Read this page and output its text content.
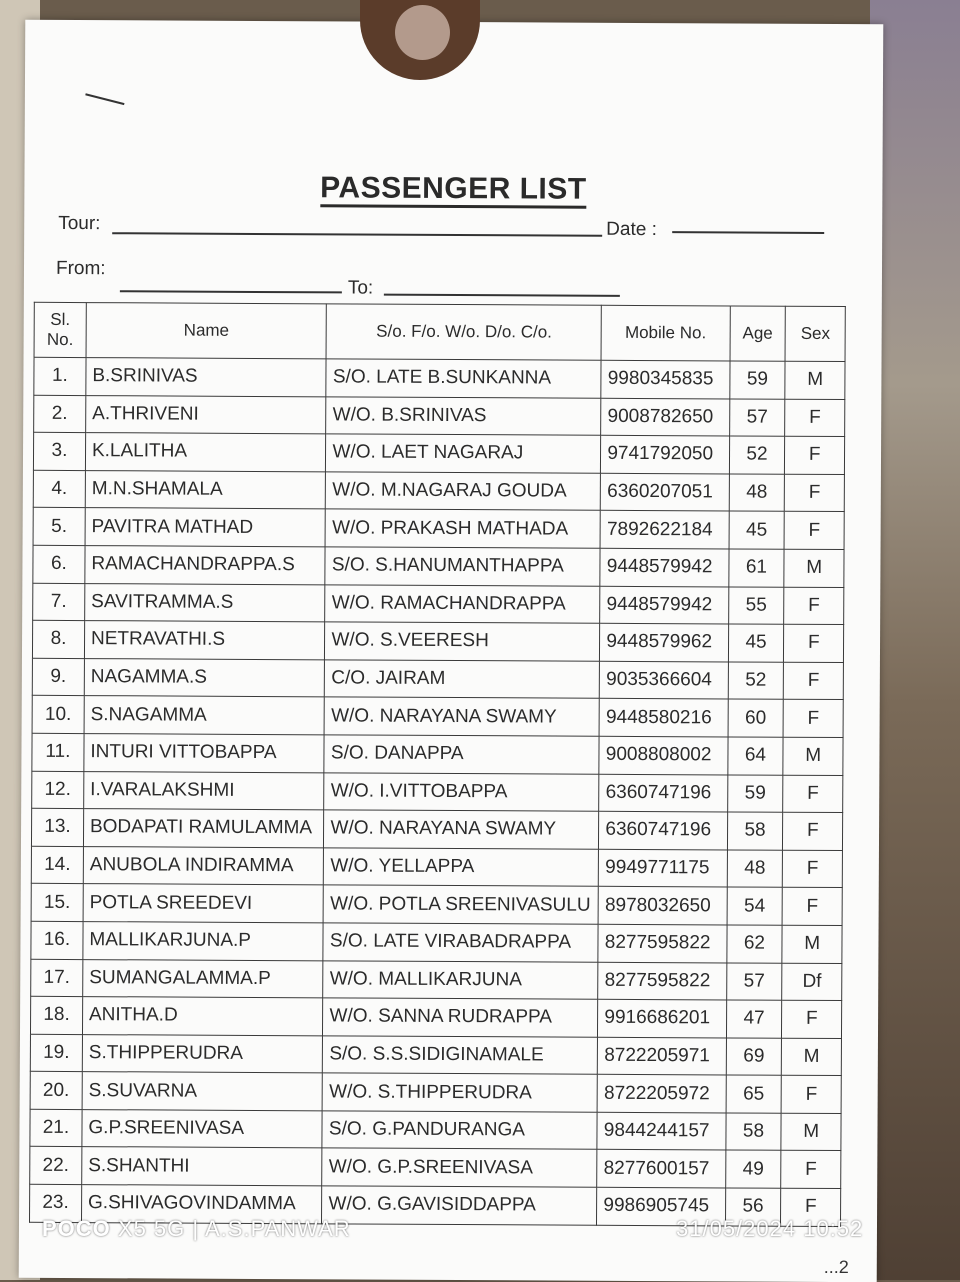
PASSENGER LIST
Tour:	Date :
From:
To:
Sl. No.	Name	S/o. F/o. W/o. D/o. C/o.	Mobile No.	Age	Sex
1.	B.SRINIVAS	S/O. LATE B.SUNKANNA	9980345835	59	M
2.	A.THRIVENI	W/O. B.SRINIVAS	9008782650	57	F
3.	K.LALITHA	W/O. LAET NAGARAJ	9741792050	52	F
4.	M.N.SHAMALA	W/O. M.NAGARAJ GOUDA	6360207051	48	F
5.	PAVITRA MATHAD	W/O. PRAKASH MATHADA	7892622184	45	F
6.	RAMACHANDRAPPA.S	S/O. S.HANUMANTHAPPA	9448579942	61	M
7.	SAVITRAMMA.S	W/O. RAMACHANDRAPPA	9448579942	55	F
8.	NETRAVATHI.S	W/O. S.VEERESH	9448579962	45	F
9.	NAGAMMA.S	C/O. JAIRAM	9035366604	52	F
10.	S.NAGAMMA	W/O. NARAYANA SWAMY	9448580216	60	F
11.	INTURI VITTOBAPPA	S/O. DANAPPA	9008808002	64	M
12.	I.VARALAKSHMI	W/O. I.VITTOBAPPA	6360747196	59	F
13.	BODAPATI RAMULAMMA	W/O. NARAYANA SWAMY	6360747196	58	F
14.	ANUBOLA INDIRAMMA	W/O. YELLAPPA	9949771175	48	F
15.	POTLA SREEDEVI	W/O. POTLA SREENIVASULU	8978032650	54	F
16.	MALLIKARJUNA.P	S/O. LATE VIRABADRAPPA	8277595822	62	M
17.	SUMANGALAMMA.P	W/O. MALLIKARJUNA	8277595822	57	Df
18.	ANITHA.D	W/O. SANNA RUDRAPPA	9916686201	47	F
19.	S.THIPPERUDRA	S/O. S.S.SIDIGINAMALE	8722205971	69	M
20.	S.SUVARNA	W/O. S.THIPPERUDRA	8722205972	65	F
21.	G.P.SREENIVASA	S/O. G.PANDURANGA	9844244157	58	M
22.	S.SHANTHI	W/O. G.P.SREENIVASA	8277600157	49	F
23.	G.SHIVAGOVINDAMMA	W/O. G.GAVISIDDAPPA	9986905745	56	F
...2
POCO X5 5G | A.S.PANWAR	31/05/2024 10:52
